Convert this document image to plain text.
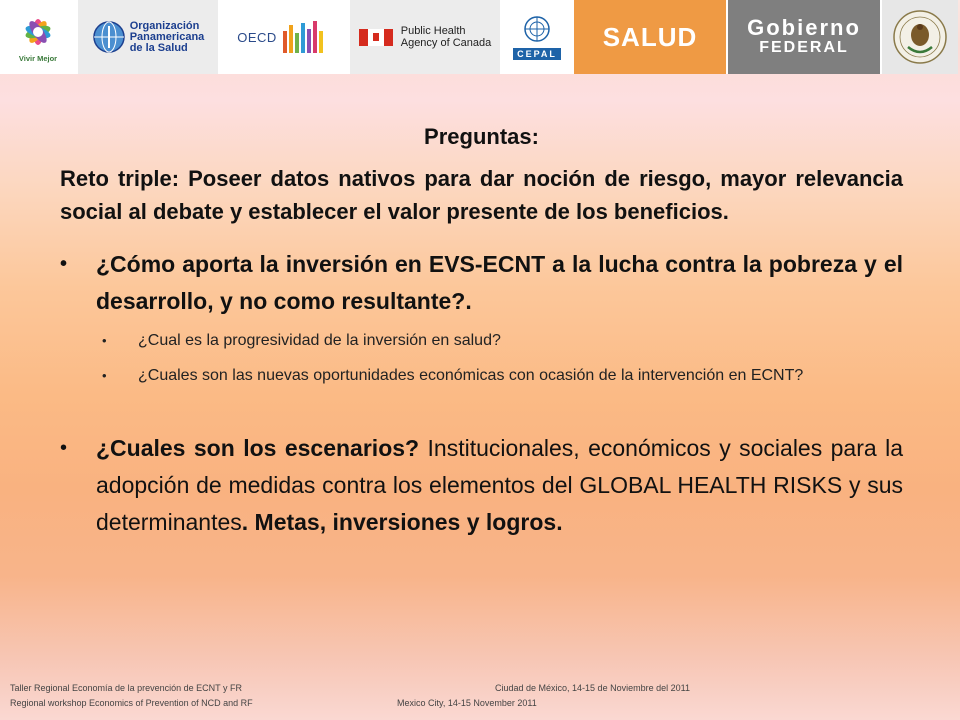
Vivir Mejor
Organización
Panamericana
de la Salud
OECD	Public Health
Agency of Canada
CEPAL
SALUD Gobierno
FEDERAL

Preguntas:

Reto triple: Poseer datos nativos para dar noción de riesgo, mayor relevancia social al debate y establecer el valor presente de los beneficios.

• ¿Cómo aporta la inversión en EVS-ECNT a la lucha contra la pobreza y el desarrollo, y no como resultante?.
• ¿Cual es la progresividad de la inversión en salud?
• ¿Cuales son las nuevas oportunidades económicas con ocasión de la intervención en ECNT?
• ¿Cuales son los escenarios? Institucionales, económicos y sociales para la adopción de medidas contra los elementos del GLOBAL HEALTH RISKS y sus determinantes. Metas, inversiones y logros.
Taller Regional Economía de la prevención de ECNT y FR
Regional workshop Economics of Prevention of NCD and RF
Ciudad de México, 14-15 de Noviembre del 2011
Mexico City, 14-15 November 2011
